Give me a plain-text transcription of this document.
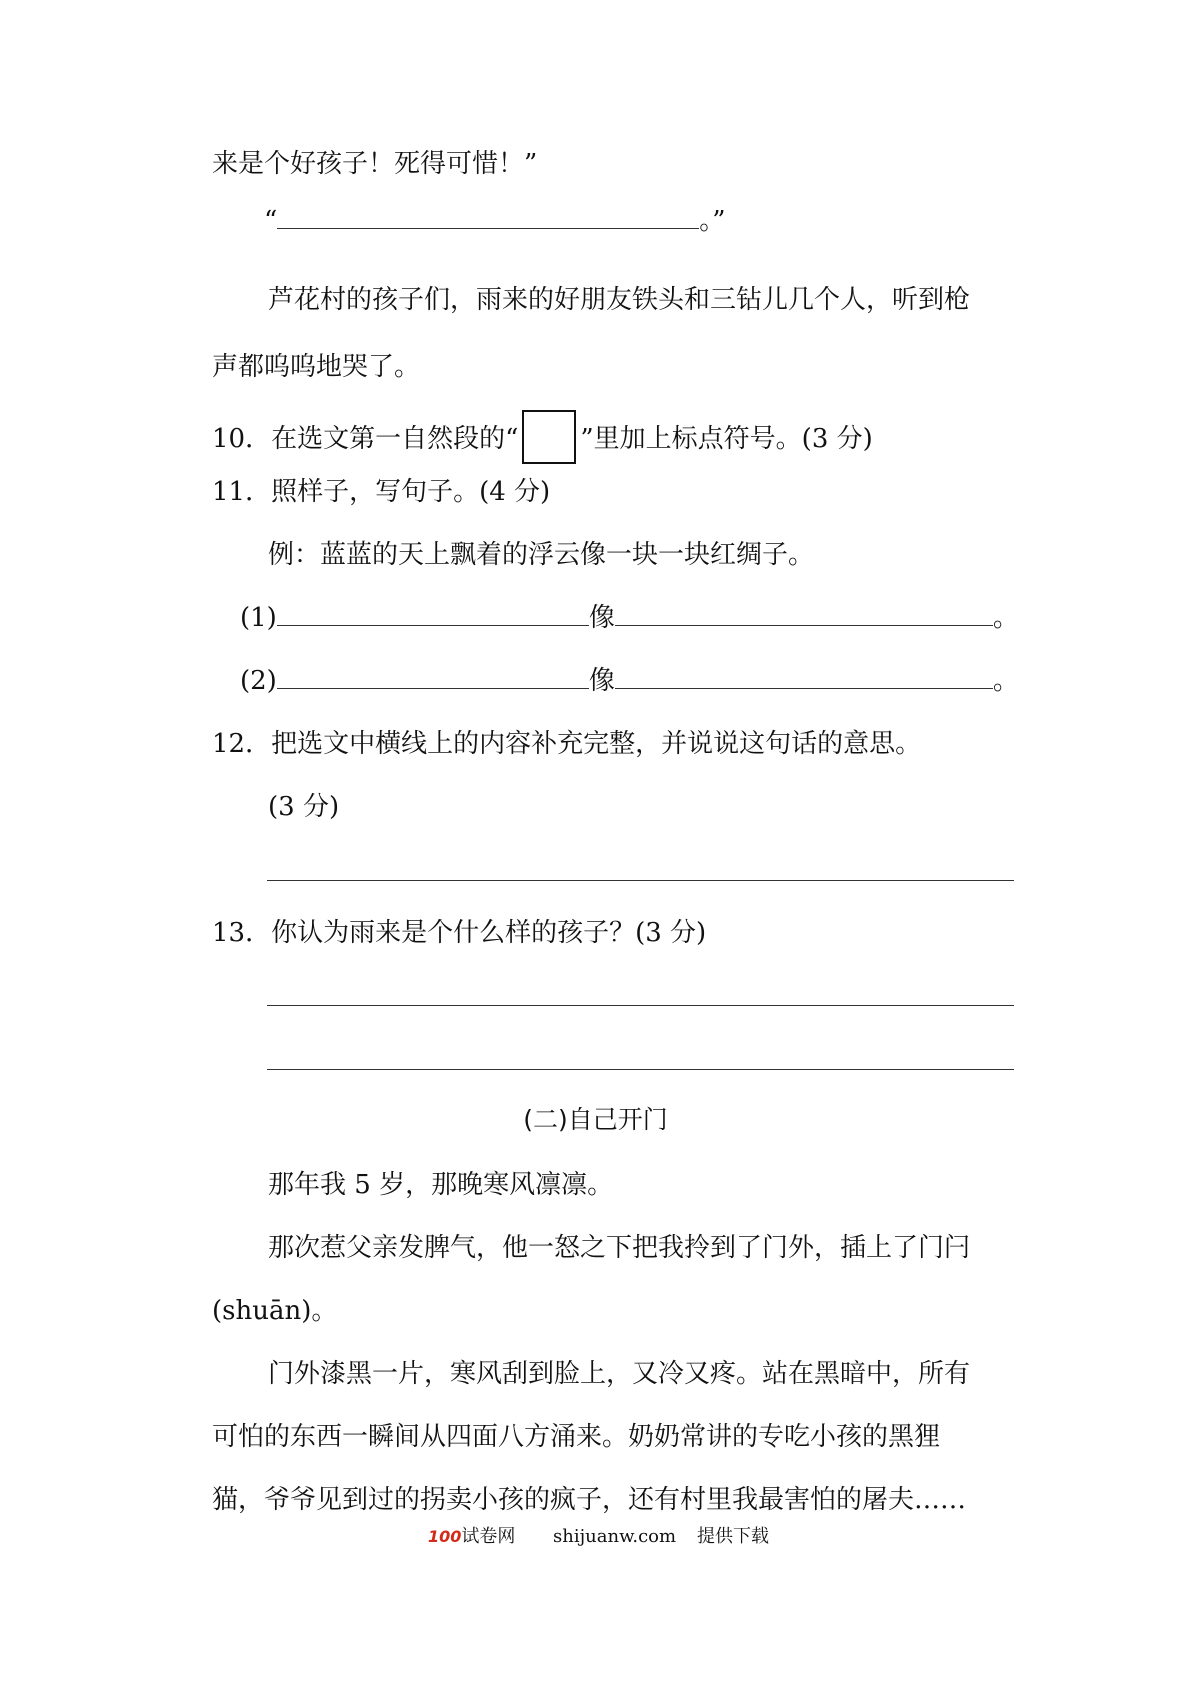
来是个好孩子！死得可惜！”
“	。”
芦花村的孩子们，雨来的好朋友铁头和三钻儿几个人，听到枪
声都呜呜地哭了。
10．在选文第一自然段的“ ”里加上标点符号。(3 分)
11．照样子，写句子。(4 分)
例：蓝蓝的天上飘着的浮云像一块一块红绸子。
(1)	像	。
(2)	像	。
12．把选文中横线上的内容补充完整，并说说这句话的意思。
(3 分)
13．你认为雨来是个什么样的孩子？(3 分)
(二)自己开门
那年我 5 岁，那晚寒风凛凛。
那次惹父亲发脾气，他一怒之下把我拎到了门外，插上了门闩
(shuān)。
门外漆黑一片，寒风刮到脸上，又冷又疼。站在黑暗中，所有
可怕的东西一瞬间从四面八方涌来。奶奶常讲的专吃小孩的黑狸
猫，爷爷见到过的拐卖小孩的疯子，还有村里我最害怕的屠夫……
100试卷网 shijuanw.com 提供下载
